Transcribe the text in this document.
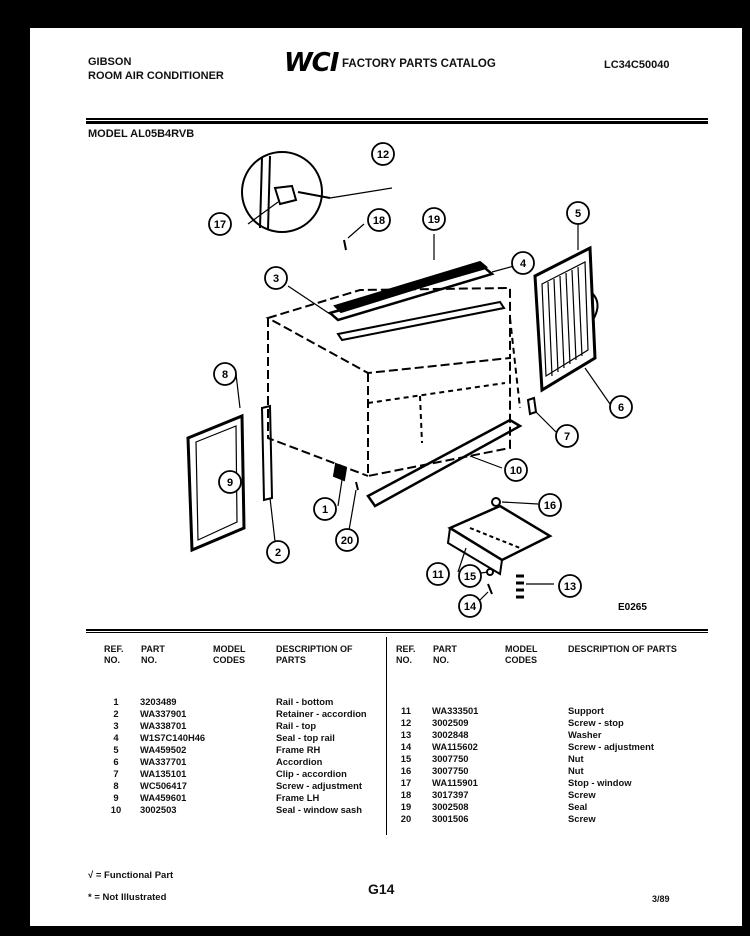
GIBSON
ROOM AIR CONDITIONER WCI FACTORY PARTS CATALOG	LC34C50040
MODEL AL05B4RVB
12
17	18	19
3
4
5
6
7
8
9
10
1
2
20
16
11 15
13
14	E0265
REF. NO.
PART NO.
MODEL CODES
DESCRIPTION OF PARTS
REF. NO.
PART NO.
MODEL CODES
DESCRIPTION OF PARTS
1	3203489	Rail - bottom
2	WA337901	Retainer - accordion
3	WA338701	Rail - top
4	W1S7C140H46	Seal - top rail
5	WA459502	Frame RH
6	WA337701	Accordion
7	WA135101	Clip - accordion
8	WC506417	Screw - adjustment
9	WA459601	Frame LH
10	3002503	Seal - window sash
11	WA333501	Support
12	3002509	Screw - stop
13	3002848	Washer
14	WA115602	Screw - adjustment
15	3007750	Nut
16	3007750	Nut
17	WA115901	Stop - window
18	3017397	Screw
19	3002508	Seal
20	3001506	Screw
√ = Functional Part
* = Not Illustrated
G14
3/89
